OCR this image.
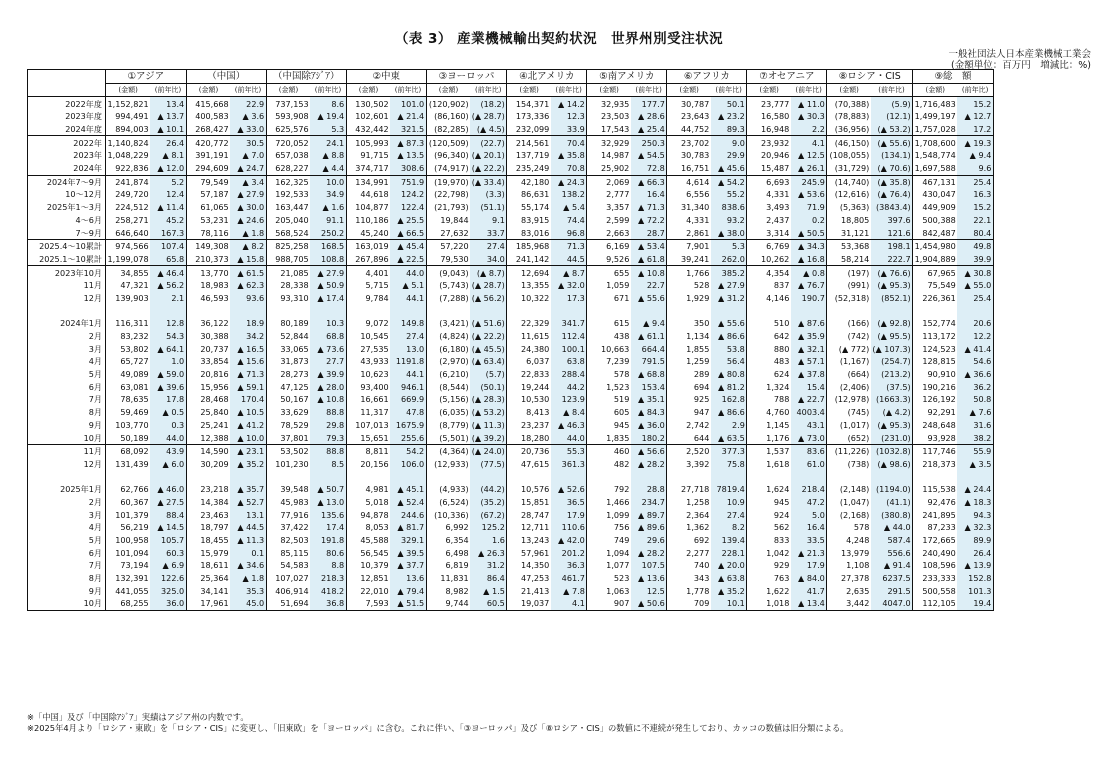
（表 3） 産業機械輸出契約状況　世界州別受注状況
一般社団法人日本産業機械工業会
(金額単位：百万円　増減比：%)
	①アジア		（中国）		（中国除ｱｼﾞｱ）		②中東		③ヨーロッパ		④北アメリカ		⑤南アメリカ		⑥アフリカ		⑦オセアニア		⑧ロシア・CIS		⑨総　額	
	(金額)	(前年比)	(金額)	(前年比)	(金額)	(前年比)	(金額)	(前年比)	(金額)	(前年比)	(金額)	(前年比)	(金額)	(前年比)	(金額)	(前年比)	(金額)	(前年比)	(金額)	(前年比)	(金額)	(前年比)
2022年度	1,152,821	13.4	415,668	22.9	737,153	8.6	130,502	101.0	(120,902)	(18.2)	154,371	▲ 14.2	32,935	177.7	30,787	50.1	23,777	▲ 11.0	(70,388)	(5.9)	1,716,483	15.2
2023年度	994,491	▲ 13.7	400,583	▲ 3.6	593,908	▲ 19.4	102,601	▲ 21.4	(86,160)	(▲ 28.7)	173,336	12.3	23,503	▲ 28.6	23,643	▲ 23.2	16,580	▲ 30.3	(78,883)	(12.1)	1,499,197	▲ 12.7
2024年度	894,003	▲ 10.1	268,427	▲ 33.0	625,576	5.3	432,442	321.5	(82,285)	(▲ 4.5)	232,099	33.9	17,543	▲ 25.4	44,752	89.3	16,948	2.2	(36,956)	(▲ 53.2)	1,757,028	17.2
2022年	1,140,824	26.4	420,772	30.5	720,052	24.1	105,993	▲ 87.3	(120,509)	(22.7)	214,561	70.4	32,929	250.3	23,702	9.0	23,932	4.1	(46,150)	(▲ 55.6)	1,708,600	▲ 19.3
2023年	1,048,229	▲ 8.1	391,191	▲ 7.0	657,038	▲ 8.8	91,715	▲ 13.5	(96,340)	(▲ 20.1)	137,719	▲ 35.8	14,987	▲ 54.5	30,783	29.9	20,946	▲ 12.5	(108,055)	(134.1)	1,548,774	▲ 9.4
2024年	922,836	▲ 12.0	294,609	▲ 24.7	628,227	▲ 4.4	374,717	308.6	(74,917)	(▲ 22.2)	235,249	70.8	25,902	72.8	16,751	▲ 45.6	15,487	▲ 26.1	(31,729)	(▲ 70.6)	1,697,588	9.6
2024年7～9月	241,874	5.2	79,549	▲ 3.4	162,325	10.0	134,991	751.9	(19,970)	(▲ 33.4)	42,180	▲ 24.3	2,069	▲ 66.3	4,614	▲ 54.2	6,693	245.9	(14,740)	(▲ 35.8)	467,131	25.4
10～12月	249,720	12.4	57,187	▲ 27.9	192,533	34.9	44,618	124.2	(22,798)	(3.3)	86,631	138.2	2,777	16.4	6,556	55.2	4,331	▲ 53.6	(12,616)	(▲ 76.4)	430,047	16.3
2025年1～3月	224,512	▲ 11.4	61,065	▲ 30.0	163,447	▲ 1.6	104,877	122.4	(21,793)	(51.1)	55,174	▲ 5.4	3,357	▲ 71.3	31,340	838.6	3,493	71.9	(5,363)	(3843.4)	449,909	15.2
4～6月	258,271	45.2	53,231	▲ 24.6	205,040	91.1	110,186	▲ 25.5	19,844	9.1	83,915	74.4	2,599	▲ 72.2	4,331	93.2	2,437	0.2	18,805	397.6	500,388	22.1
7～9月	646,640	167.3	78,116	▲ 1.8	568,524	250.2	45,240	▲ 66.5	27,632	33.7	83,016	96.8	2,663	28.7	2,861	▲ 38.0	3,314	▲ 50.5	31,121	121.6	842,487	80.4
2025.4～10累計	974,566	107.4	149,308	▲ 8.2	825,258	168.5	163,019	▲ 45.4	57,220	27.4	185,968	71.3	6,169	▲ 53.4	7,901	5.3	6,769	▲ 34.3	53,368	198.1	1,454,980	49.8
2025.1～10累計	1,199,078	65.8	210,373	▲ 15.8	988,705	108.8	267,896	▲ 22.5	79,530	34.0	241,142	44.5	9,526	▲ 61.8	39,241	262.0	10,262	▲ 16.8	58,214	222.7	1,904,889	39.9
2023年10月	34,855	▲ 46.4	13,770	▲ 61.5	21,085	▲ 27.9	4,401	44.0	(9,043)	(▲ 8.7)	12,694	▲ 8.7	655	▲ 10.8	1,766	385.2	4,354	▲ 0.8	(197)	(▲ 76.6)	67,965	▲ 30.8
11月	47,321	▲ 56.2	18,983	▲ 62.3	28,338	▲ 50.9	5,715	▲ 5.1	(5,743)	(▲ 28.7)	13,355	▲ 32.0	1,059	22.7	528	▲ 27.9	837	▲ 76.7	(991)	(▲ 95.3)	75,549	▲ 55.0
12月	139,903	2.1	46,593	93.6	93,310	▲ 17.4	9,784	44.1	(7,288)	(▲ 56.2)	10,322	17.3	671	▲ 55.6	1,929	▲ 31.2	4,146	190.7	(52,318)	(852.1)	226,361	25.4

2024年1月	116,311	12.8	36,122	18.9	80,189	10.3	9,072	149.8	(3,421)	(▲ 51.6)	22,329	341.7	615	▲ 9.4	350	▲ 55.6	510	▲ 87.6	(166)	(▲ 92.8)	152,774	20.6
2月	83,232	54.3	30,388	34.2	52,844	68.8	10,545	27.4	(4,824)	(▲ 22.2)	11,615	112.4	438	▲ 61.1	1,134	▲ 86.6	642	▲ 35.9	(742)	(▲ 95.5)	113,172	12.2
3月	53,802	▲ 64.1	20,737	▲ 16.5	33,065	▲ 73.6	27,535	13.0	(6,180)	(▲ 45.5)	24,380	100.1	10,663	664.4	1,855	53.8	880	▲ 32.1	(▲ 772)	(▲ 107.3)	124,523	▲ 41.4
4月	65,727	1.0	33,854	▲ 15.6	31,873	27.7	43,933	1191.8	(2,970)	(▲ 63.4)	6,037	63.8	7,239	791.5	1,259	56.4	483	▲ 57.1	(1,167)	(254.7)	128,815	54.6
5月	49,089	▲ 59.0	20,816	▲ 71.3	28,273	▲ 39.9	10,623	44.1	(6,210)	(5.7)	22,833	288.4	578	▲ 68.8	289	▲ 80.8	624	▲ 37.8	(664)	(213.2)	90,910	▲ 36.6
6月	63,081	▲ 39.6	15,956	▲ 59.1	47,125	▲ 28.0	93,400	946.1	(8,544)	(50.1)	19,244	44.2	1,523	153.4	694	▲ 81.2	1,324	15.4	(2,406)	(37.5)	190,216	36.2
7月	78,635	17.8	28,468	170.4	50,167	▲ 10.8	16,661	669.9	(5,156)	(▲ 28.3)	10,530	123.9	519	▲ 35.1	925	162.8	788	▲ 22.7	(12,978)	(1663.3)	126,192	50.8
8月	59,469	▲ 0.5	25,840	▲ 10.5	33,629	88.8	11,317	47.8	(6,035)	(▲ 53.2)	8,413	▲ 8.4	605	▲ 84.3	947	▲ 86.6	4,760	4003.4	(745)	(▲ 4.2)	92,291	▲ 7.6
9月	103,770	0.3	25,241	▲ 41.2	78,529	29.8	107,013	1675.9	(8,779)	(▲ 11.3)	23,237	▲ 46.3	945	▲ 36.0	2,742	2.9	1,145	43.1	(1,017)	(▲ 95.3)	248,648	31.6
10月	50,189	44.0	12,388	▲ 10.0	37,801	79.3	15,651	255.6	(5,501)	(▲ 39.2)	18,280	44.0	1,835	180.2	644	▲ 63.5	1,176	▲ 73.0	(652)	(231.0)	93,928	38.2
11月	68,092	43.9	14,590	▲ 23.1	53,502	88.8	8,811	54.2	(4,364)	(▲ 24.0)	20,736	55.3	460	▲ 56.6	2,520	377.3	1,537	83.6	(11,226)	(1032.8)	117,746	55.9
12月	131,439	▲ 6.0	30,209	▲ 35.2	101,230	8.5	20,156	106.0	(12,933)	(77.5)	47,615	361.3	482	▲ 28.2	3,392	75.8	1,618	61.0	(738)	(▲ 98.6)	218,373	▲ 3.5

2025年1月	62,766	▲ 46.0	23,218	▲ 35.7	39,548	▲ 50.7	4,981	▲ 45.1	(4,933)	(44.2)	10,576	▲ 52.6	792	28.8	27,718	7819.4	1,624	218.4	(2,148)	(1194.0)	115,538	▲ 24.4
2月	60,367	▲ 27.5	14,384	▲ 52.7	45,983	▲ 13.0	5,018	▲ 52.4	(6,524)	(35.2)	15,851	36.5	1,466	234.7	1,258	10.9	945	47.2	(1,047)	(41.1)	92,476	▲ 18.3
3月	101,379	88.4	23,463	13.1	77,916	135.6	94,878	244.6	(10,336)	(67.2)	28,747	17.9	1,099	▲ 89.7	2,364	27.4	924	5.0	(2,168)	(380.8)	241,895	94.3
4月	56,219	▲ 14.5	18,797	▲ 44.5	37,422	17.4	8,053	▲ 81.7	6,992	125.2	12,711	110.6	756	▲ 89.6	1,362	8.2	562	16.4	578	▲ 44.0	87,233	▲ 32.3
5月	100,958	105.7	18,455	▲ 11.3	82,503	191.8	45,588	329.1	6,354	1.6	13,243	▲ 42.0	749	29.6	692	139.4	833	33.5	4,248	587.4	172,665	89.9
6月	101,094	60.3	15,979	0.1	85,115	80.6	56,545	▲ 39.5	6,498	▲ 26.3	57,961	201.2	1,094	▲ 28.2	2,277	228.1	1,042	▲ 21.3	13,979	556.6	240,490	26.4
7月	73,194	▲ 6.9	18,611	▲ 34.6	54,583	8.8	10,379	▲ 37.7	6,819	31.2	14,350	36.3	1,077	107.5	740	▲ 20.0	929	17.9	1,108	▲ 91.4	108,596	▲ 13.9
8月	132,391	122.6	25,364	▲ 1.8	107,027	218.3	12,851	13.6	11,831	86.4	47,253	461.7	523	▲ 13.6	343	▲ 63.8	763	▲ 84.0	27,378	6237.5	233,333	152.8
9月	441,055	325.0	34,141	35.3	406,914	418.2	22,010	▲ 79.4	8,982	▲ 1.5	21,413	▲ 7.8	1,063	12.5	1,778	▲ 35.2	1,622	41.7	2,635	291.5	500,558	101.3
10月	68,255	36.0	17,961	45.0	51,694	36.8	7,593	▲ 51.5	9,744	60.5	19,037	4.1	907	▲ 50.6	709	10.1	1,018	▲ 13.4	3,442	4047.0	112,105	19.4
※「中国」及び「中国除ｱｼﾞｱ」実績はアジア州の内数です。
※2025年4月より「ロシア・東欧」を「ロシア・CIS」に変更し、「旧東欧」を「ヨーロッパ」に含む。これに伴い、「③ヨーロッパ」及び「⑧ロシア・CIS」の数値に不連続が発生しており、カッコの数値は旧分類による。
